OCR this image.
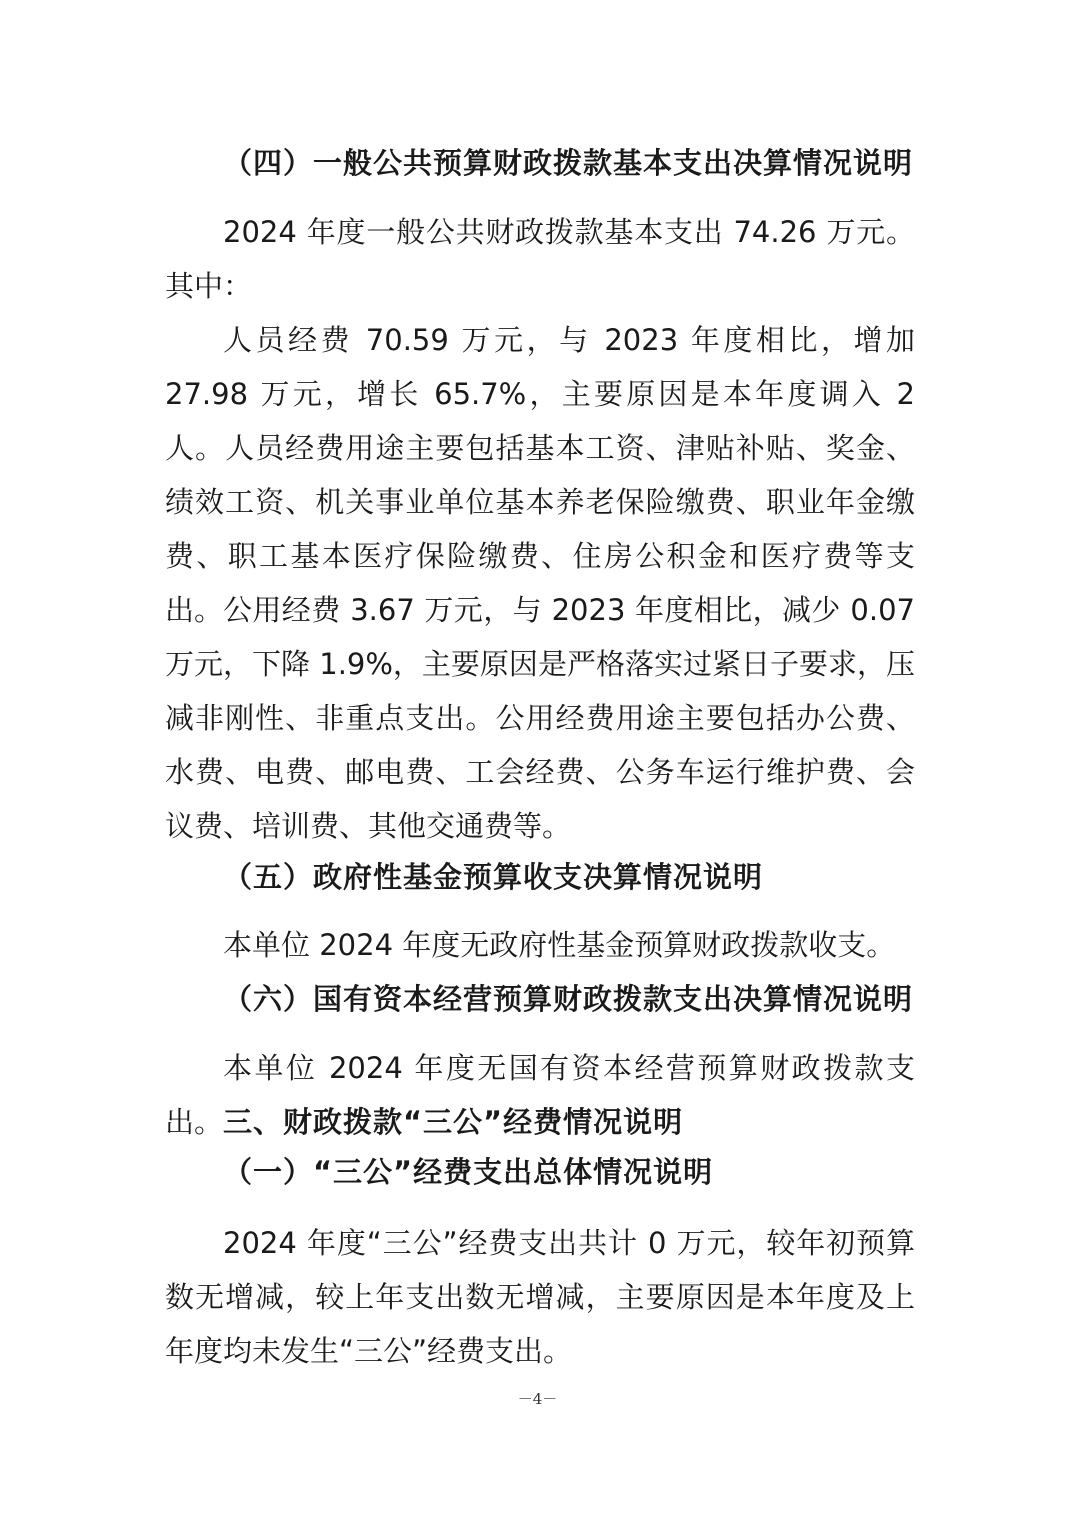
（四）一般公共预算财政拨款基本支出决算情况说明

2024 年度一般公共财政拨款基本支出 74.26 万元。其中：

人员经费 70.59 万元，与 2023 年度相比，增加 27.98 万元，增长 65.7%，主要原因是本年度调入 2 人。人员经费用途主要包括基本工资、津贴补贴、奖金、绩效工资、机关事业单位基本养老保险缴费、职业年金缴费、职工基本医疗保险缴费、住房公积金和医疗费等支出。 公用经费 3.67 万元，与 2023 年度相比，减少 0.07 万元，下降 1.9%，主要原因是严格落实过紧日子要求，压减非刚性、非重点支出。公用经费用途主要包括办公费、水费、电费、邮电费、工会经费、公务车运行维护费、会议费、培训费、其他交通费等。

（五）政府性基金预算收支决算情况说明

本单位 2024 年度无政府性基金预算财政拨款收支。

（六）国有资本经营预算财政拨款支出决算情况说明

本单位 2024 年度无国有资本经营预算财政拨款支出。 三、财政拨款“三公”经费情况说明

（一）“三公”经费支出总体情况说明

2024 年度“三公”经费支出共计 0 万元，较年初预算数无增减，较上年支出数无增减，主要原因是本年度及上年度均未发生“三公”经费支出。

－4－
